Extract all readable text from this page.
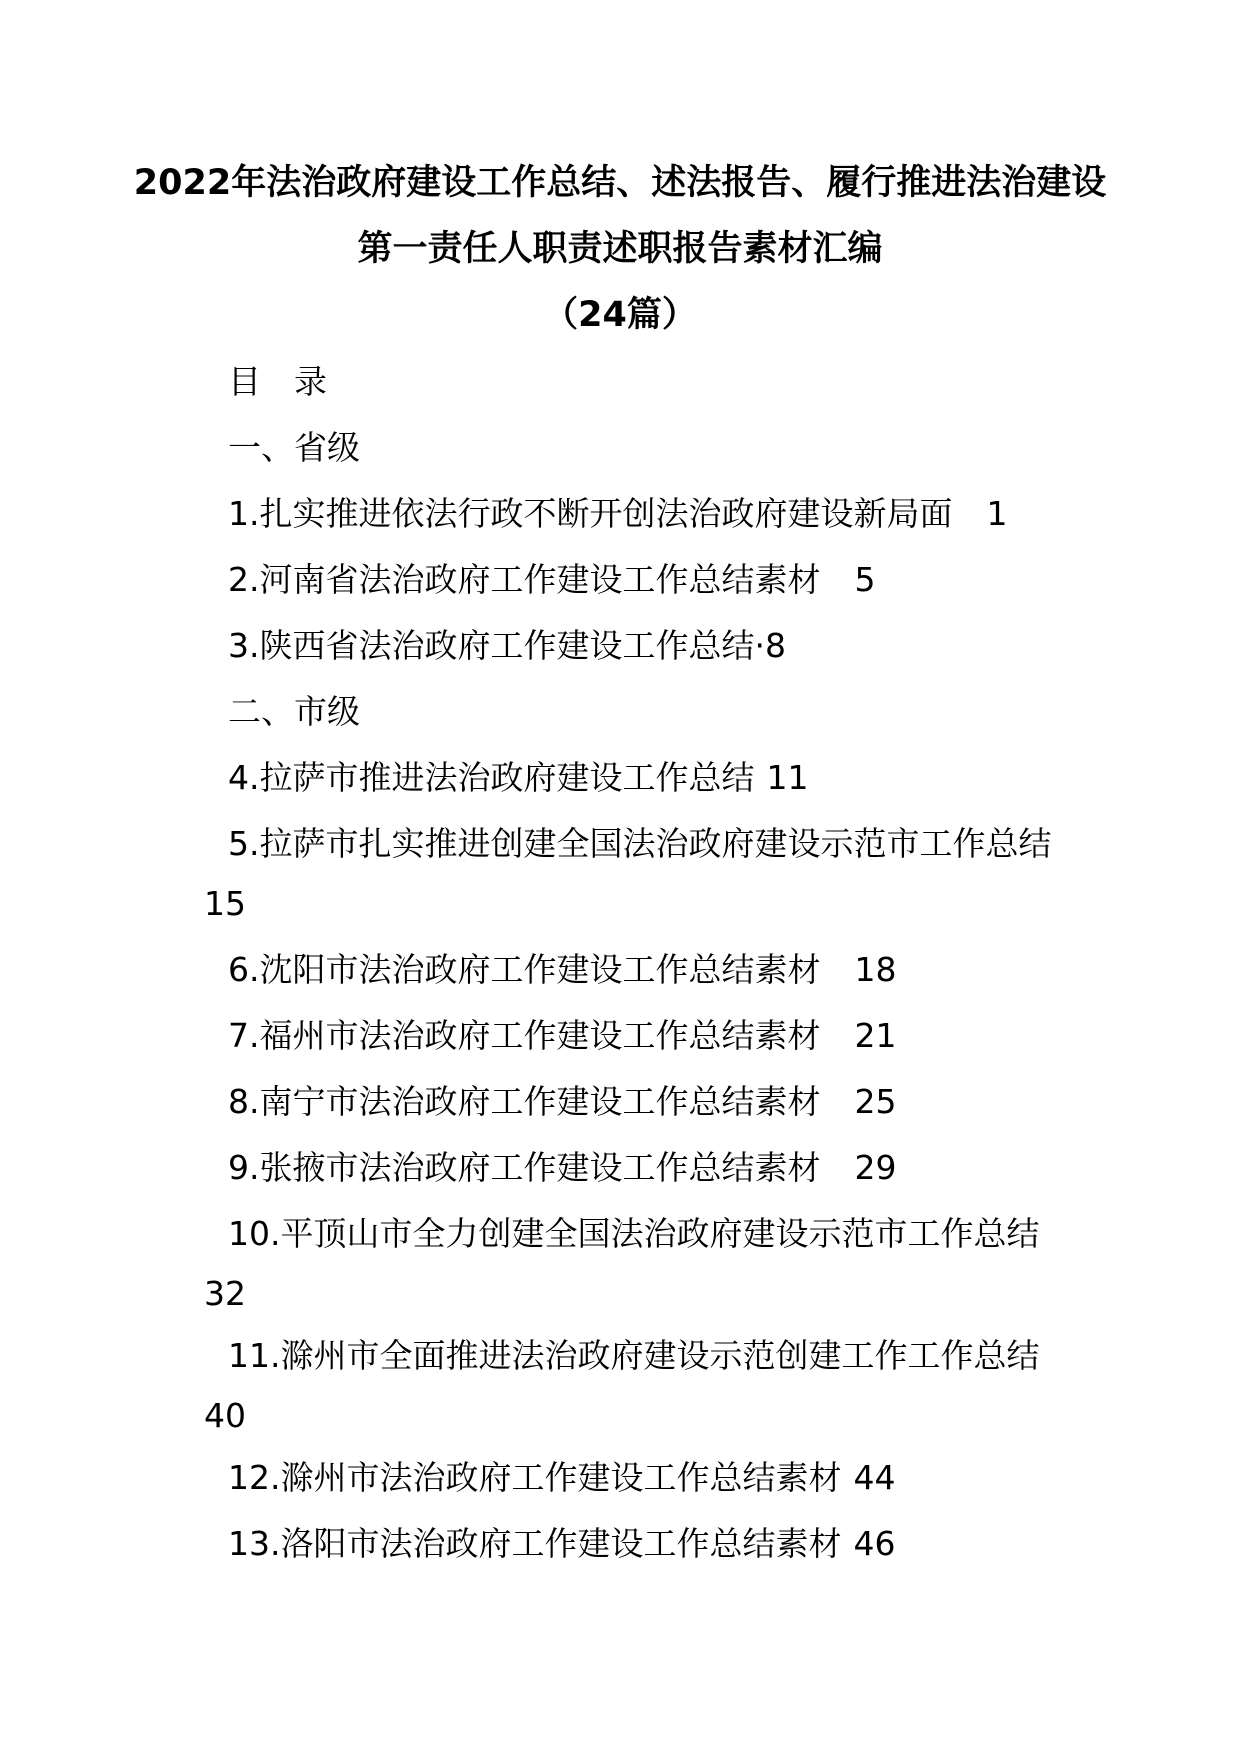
2022年法治政府建设工作总结、述法报告、履行推进法治建设
第一责任人职责述职报告素材汇编
（24篇）
目　录
一、省级
1.扎实推进依法行政不断开创法治政府建设新局面 1
2.河南省法治政府工作建设工作总结素材 5
3.陕西省法治政府工作建设工作总结·8
二、市级
4.拉萨市推进法治政府建设工作总结 11
5.拉萨市扎实推进创建全国法治政府建设示范市工作总结
15
6.沈阳市法治政府工作建设工作总结素材 18
7.福州市法治政府工作建设工作总结素材 21
8.南宁市法治政府工作建设工作总结素材 25
9.张掖市法治政府工作建设工作总结素材 29
10.平顶山市全力创建全国法治政府建设示范市工作总结
32
11.滁州市全面推进法治政府建设示范创建工作工作总结
40
12.滁州市法治政府工作建设工作总结素材 44
13.洛阳市法治政府工作建设工作总结素材 46
